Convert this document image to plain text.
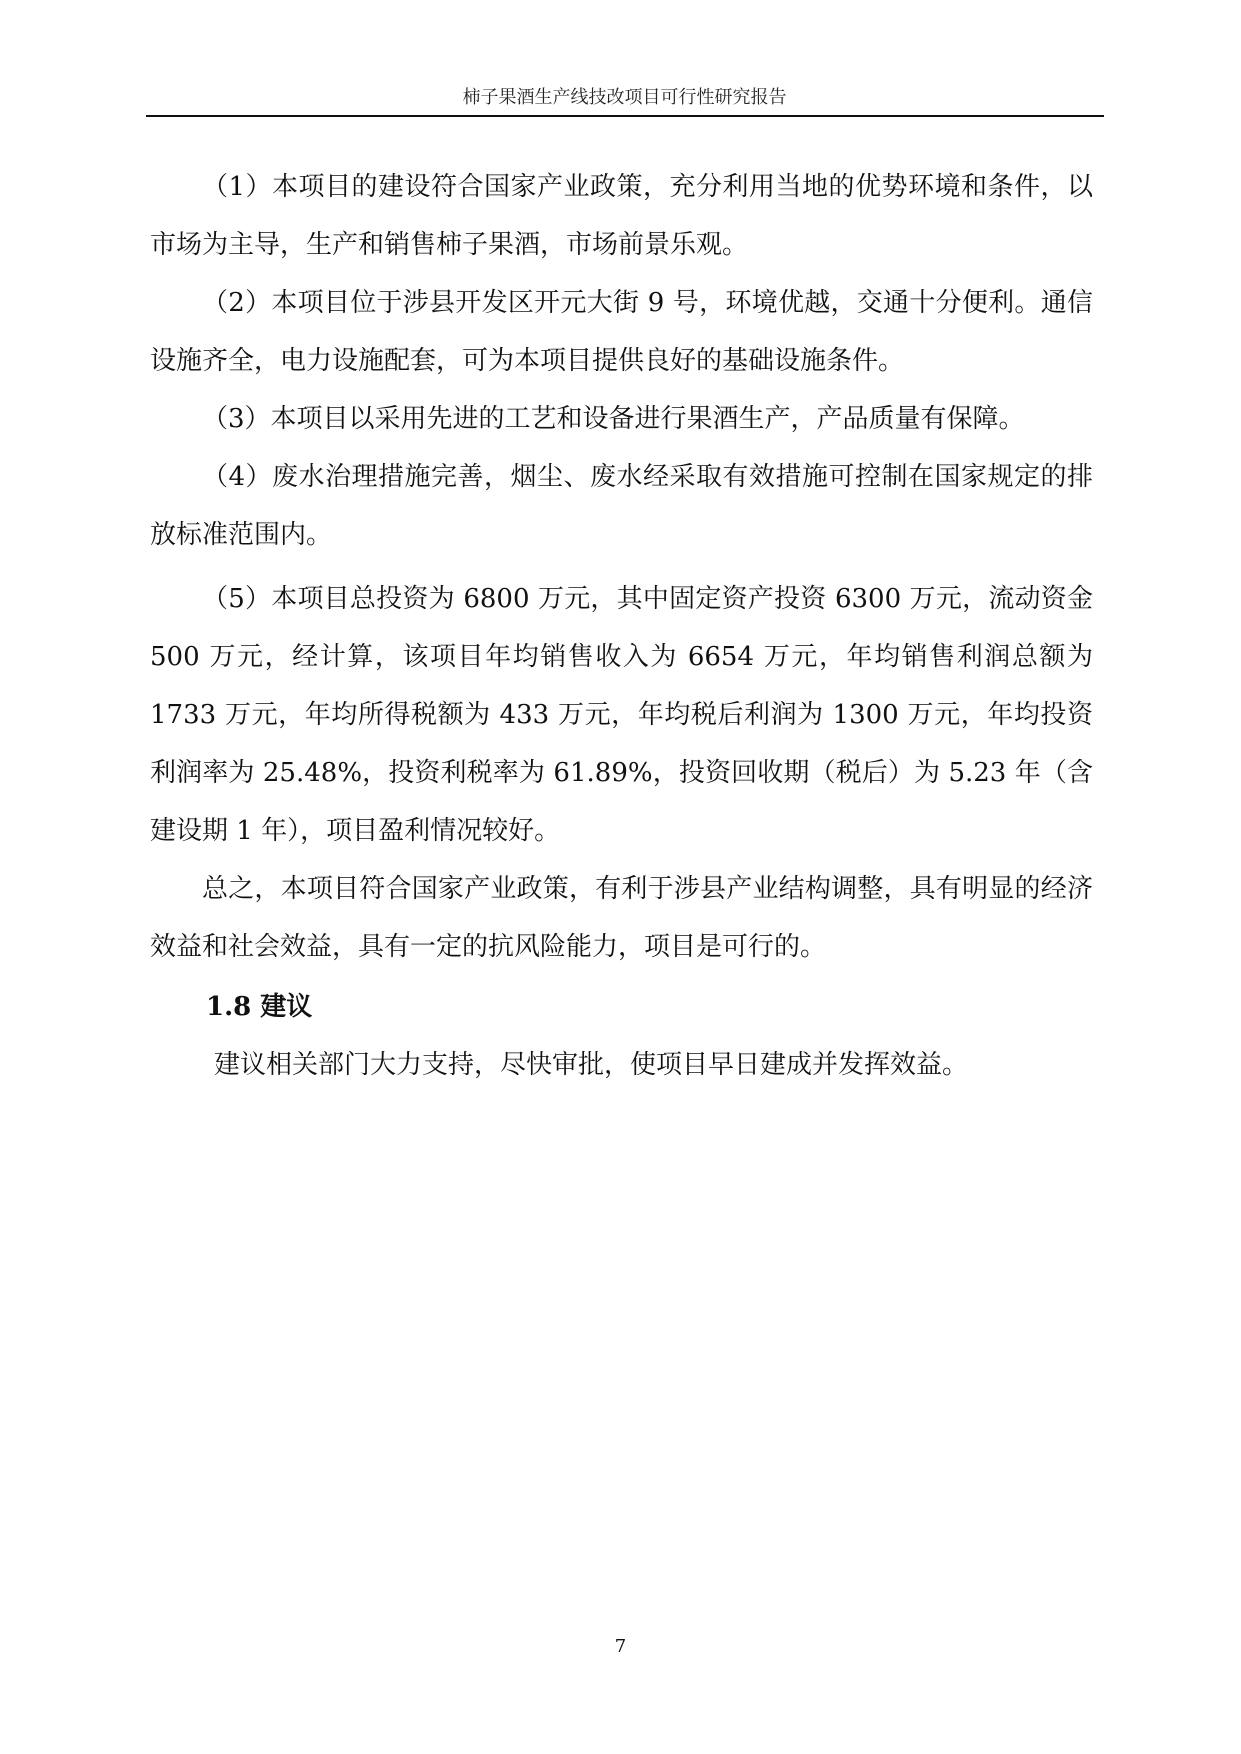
柿子果酒生产线技改项目可行性研究报告

（1）本项目的建设符合国家产业政策，充分利用当地的优势环境和条件，以市场为主导，生产和销售柿子果酒，市场前景乐观。

（2）本项目位于涉县开发区开元大街 9 号，环境优越，交通十分便利。通信设施齐全，电力设施配套，可为本项目提供良好的基础设施条件。

（3）本项目以采用先进的工艺和设备进行果酒生产，产品质量有保障。

（4）废水治理措施完善，烟尘、废水经采取有效措施可控制在国家规定的排放标准范围内。

（5）本项目总投资为 6800 万元，其中固定资产投资 6300 万元，流动资金 500 万元，经计算，该项目年均销售收入为 6654 万元，年均销售利润总额为 1733 万元，年均所得税额为 433 万元，年均税后利润为 1300 万元，年均投资利润率为 25.48%，投资利税率为 61.89%，投资回收期（税后）为 5.23 年（含建设期 1 年），项目盈利情况较好。

总之，本项目符合国家产业政策，有利于涉县产业结构调整，具有明显的经济效益和社会效益，具有一定的抗风险能力，项目是可行的。

1.8 建议

建议相关部门大力支持，尽快审批，使项目早日建成并发挥效益。

7
